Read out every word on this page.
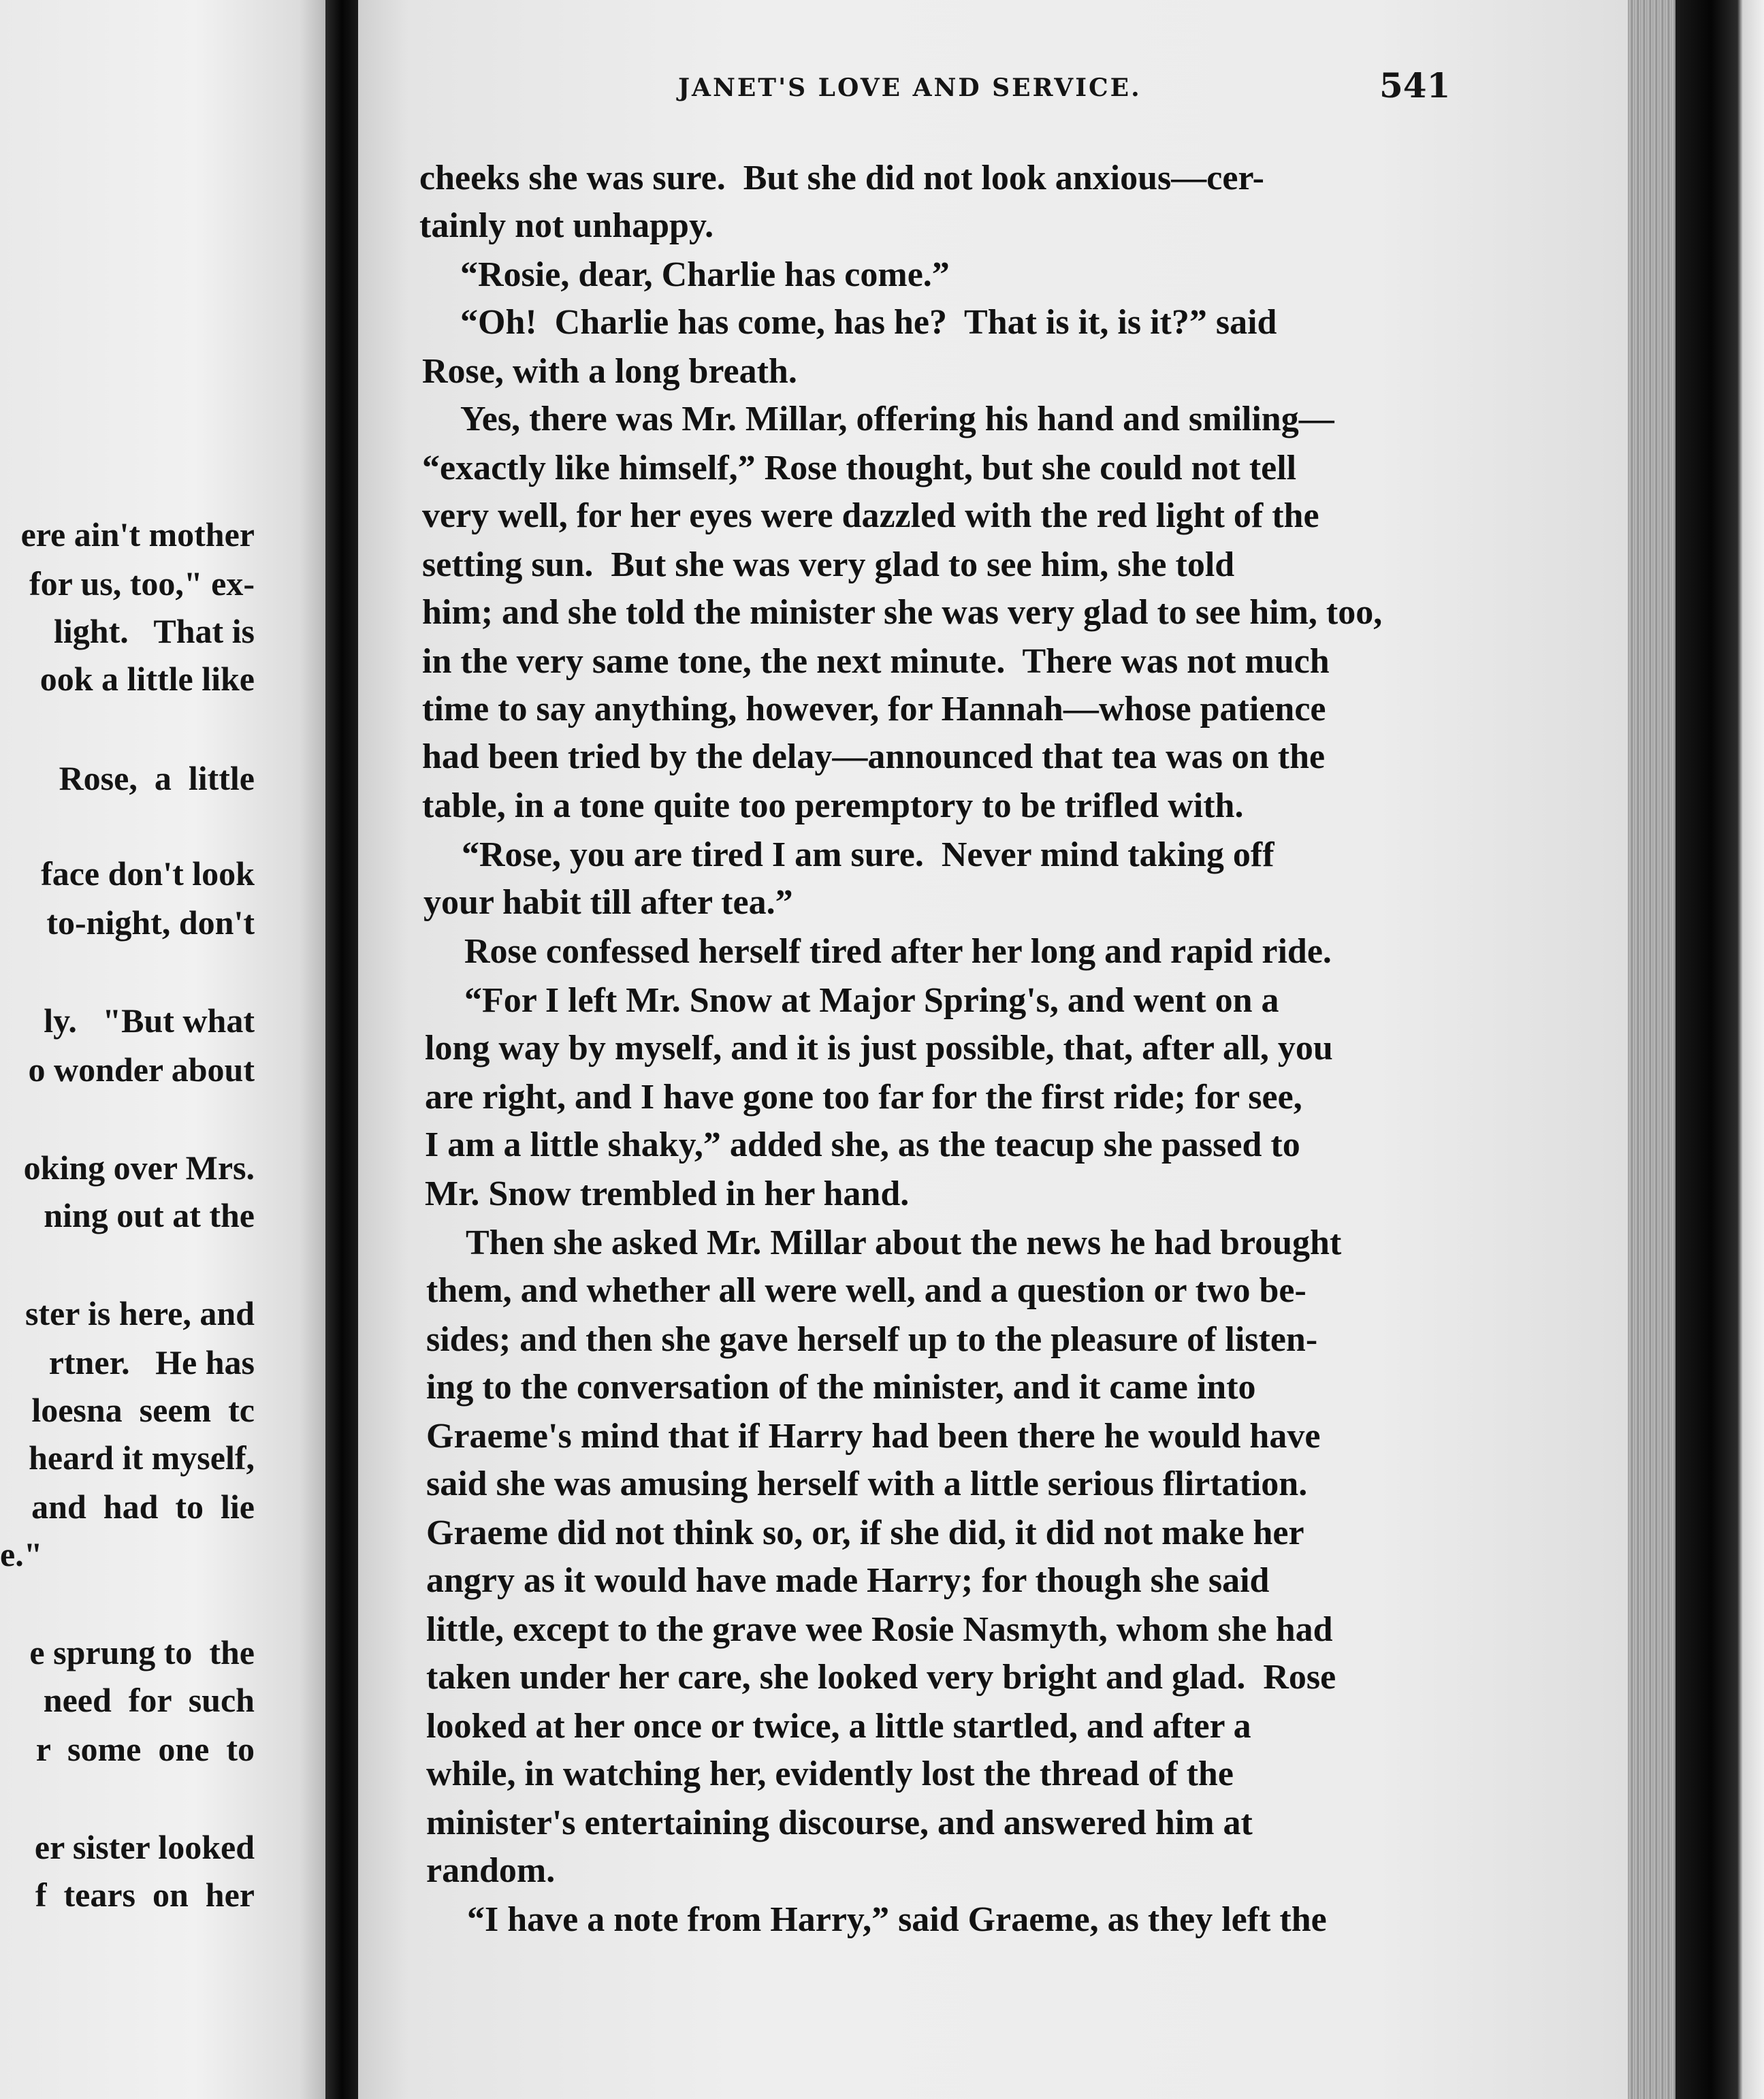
ere ain't mother
for us, too," ex-
light.   That is
ook a little like
Rose,  a  little
face don't look
to-night, don't
ly.   "But what
o wonder about
oking over Mrs.
ning out at the
ster is here, and
rtner.   He has
loesna  seem  tc
heard it myself,
and  had  to  lie
e."
e sprung to  the
need  for  such
r  some  one  to
er sister looked
f  tears  on  her
JANET'S LOVE AND SERVICE.	541
cheeks she was sure.  But she did not look anxious—cer-
tainly not unhappy.
“Rosie, dear, Charlie has come.”
“Oh!  Charlie has come, has he?  That is it, is it?” said
Rose, with a long breath.
Yes, there was Mr. Millar, offering his hand and smiling—
“exactly like himself,” Rose thought, but she could not tell
very well, for her eyes were dazzled with the red light of the
setting sun.  But she was very glad to see him, she told
him; and she told the minister she was very glad to see him, too,
in the very same tone, the next minute.  There was not much
time to say anything, however, for Hannah—whose patience
had been tried by the delay—announced that tea was on the
table, in a tone quite too peremptory to be trifled with.
“Rose, you are tired I am sure.  Never mind taking off
your habit till after tea.”
Rose confessed herself tired after her long and rapid ride.
“For I left Mr. Snow at Major Spring's, and went on a
long way by myself, and it is just possible, that, after all, you
are right, and I have gone too far for the first ride; for see,
I am a little shaky,” added she, as the teacup she passed to
Mr. Snow trembled in her hand.
Then she asked Mr. Millar about the news he had brought
them, and whether all were well, and a question or two be-
sides; and then she gave herself up to the pleasure of listen-
ing to the conversation of the minister, and it came into
Graeme's mind that if Harry had been there he would have
said she was amusing herself with a little serious flirtation.
Graeme did not think so, or, if she did, it did not make her
angry as it would have made Harry; for though she said
little, except to the grave wee Rosie Nasmyth, whom she had
taken under her care, she looked very bright and glad.  Rose
looked at her once or twice, a little startled, and after a
while, in watching her, evidently lost the thread of the
minister's entertaining discourse, and answered him at
random.
“I have a note from Harry,” said Graeme, as they left the
